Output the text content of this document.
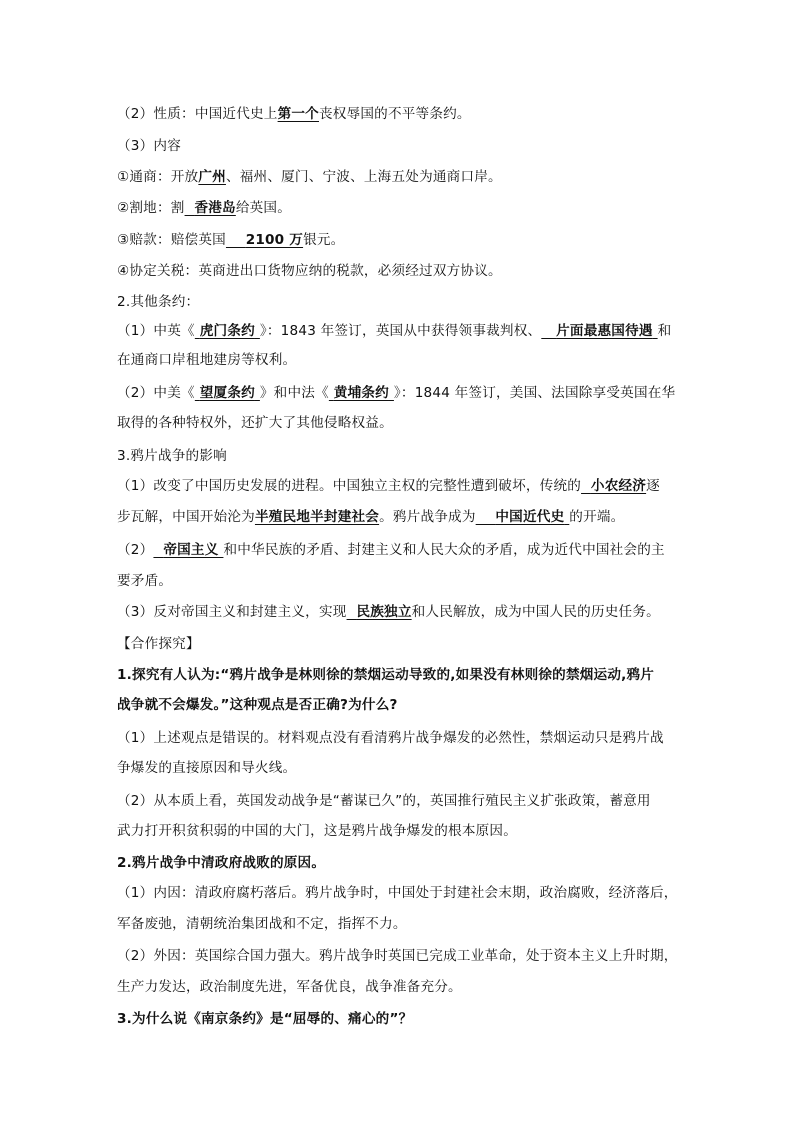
（2）性质：中国近代史上第一个丧权辱国的不平等条约。
（3）内容
①通商：开放广州、福州、厦门、宁波、上海五处为通商口岸。
②割地：割 香港岛给英国。
③赔款：赔偿英国 2100 万银元。
④协定关税：英商进出口货物应纳的税款，必须经过双方协议。
2.其他条约：
（1）中英《 虎门条约 》：1843 年签订，英国从中获得领事裁判权、 片面最惠国待遇 和
在通商口岸租地建房等权利。
（2）中美《 望厦条约 》和中法《 黄埔条约 》：1844 年签订，美国、法国除享受英国在华
取得的各种特权外，还扩大了其他侵略权益。
3.鸦片战争的影响
（1）改变了中国历史发展的进程。中国独立主权的完整性遭到破坏，传统的 小农经济逐
步瓦解，中国开始沦为半殖民地半封建社会。鸦片战争成为 中国近代史 的开端。
（2） 帝国主义 和中华民族的矛盾、封建主义和人民大众的矛盾，成为近代中国社会的主
要矛盾。
（3）反对帝国主义和封建主义，实现 民族独立和人民解放，成为中国人民的历史任务。
【合作探究】
1.探究有人认为:“鸦片战争是林则徐的禁烟运动导致的,如果没有林则徐的禁烟运动,鸦片
战争就不会爆发。”这种观点是否正确?为什么?
（1）上述观点是错误的。材料观点没有看清鸦片战争爆发的必然性，禁烟运动只是鸦片战
争爆发的直接原因和导火线。
（2）从本质上看，英国发动战争是“蓄谋已久”的，英国推行殖民主义扩张政策，蓄意用
武力打开积贫积弱的中国的大门，这是鸦片战争爆发的根本原因。
2.鸦片战争中清政府战败的原因。
（1）内因：清政府腐朽落后。鸦片战争时，中国处于封建社会末期，政治腐败，经济落后，
军备废弛，清朝统治集团战和不定，指挥不力。
（2）外因：英国综合国力强大。鸦片战争时英国已完成工业革命，处于资本主义上升时期，
生产力发达，政治制度先进，军备优良，战争准备充分。
3.为什么说《南京条约》是“屈辱的、痛心的”？
